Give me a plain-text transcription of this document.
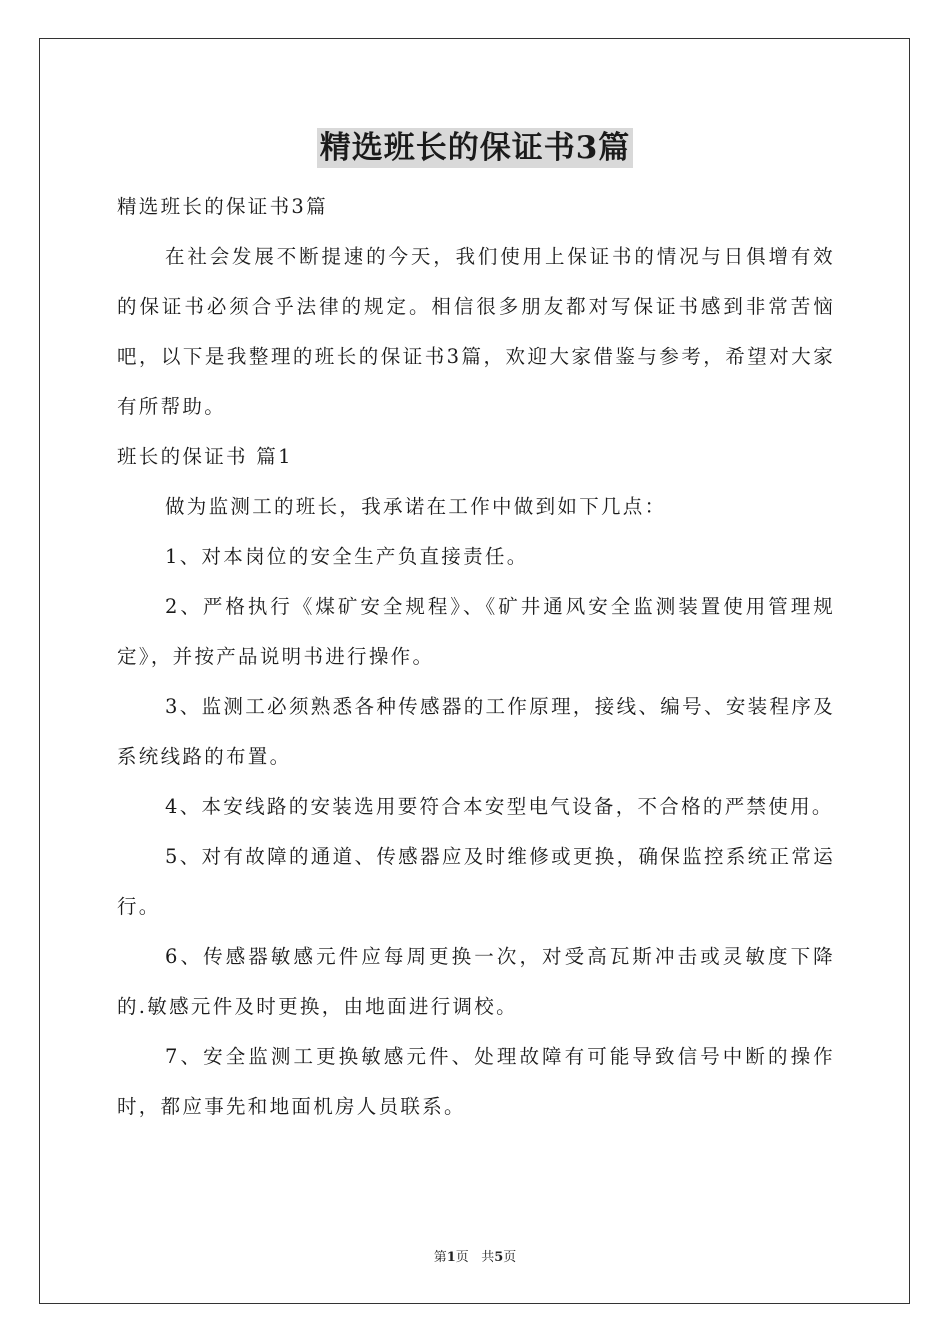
精选班长的保证书3篇

精选班长的保证书3篇

在社会发展不断提速的今天，我们使用上保证书的情况与日俱增有效的保证书必须合乎法律的规定。相信很多朋友都对写保证书感到非常苦恼吧，以下是我整理的班长的保证书3篇，欢迎大家借鉴与参考，希望对大家有所帮助。

班长的保证书 篇1

做为监测工的班长，我承诺在工作中做到如下几点：

1、对本岗位的安全生产负直接责任。

2、严格执行《煤矿安全规程》、《矿井通风安全监测装置使用管理规定》，并按产品说明书进行操作。

3、监测工必须熟悉各种传感器的工作原理，接线、编号、安装程序及系统线路的布置。

4、本安线路的安装选用要符合本安型电气设备，不合格的严禁使用。

5、对有故障的通道、传感器应及时维修或更换，确保监控系统正常运行。

6、传感器敏感元件应每周更换一次，对受高瓦斯冲击或灵敏度下降的.敏感元件及时更换，由地面进行调校。

7、安全监测工更换敏感元件、处理故障有可能导致信号中断的操作时，都应事先和地面机房人员联系。

第1页 共5页
